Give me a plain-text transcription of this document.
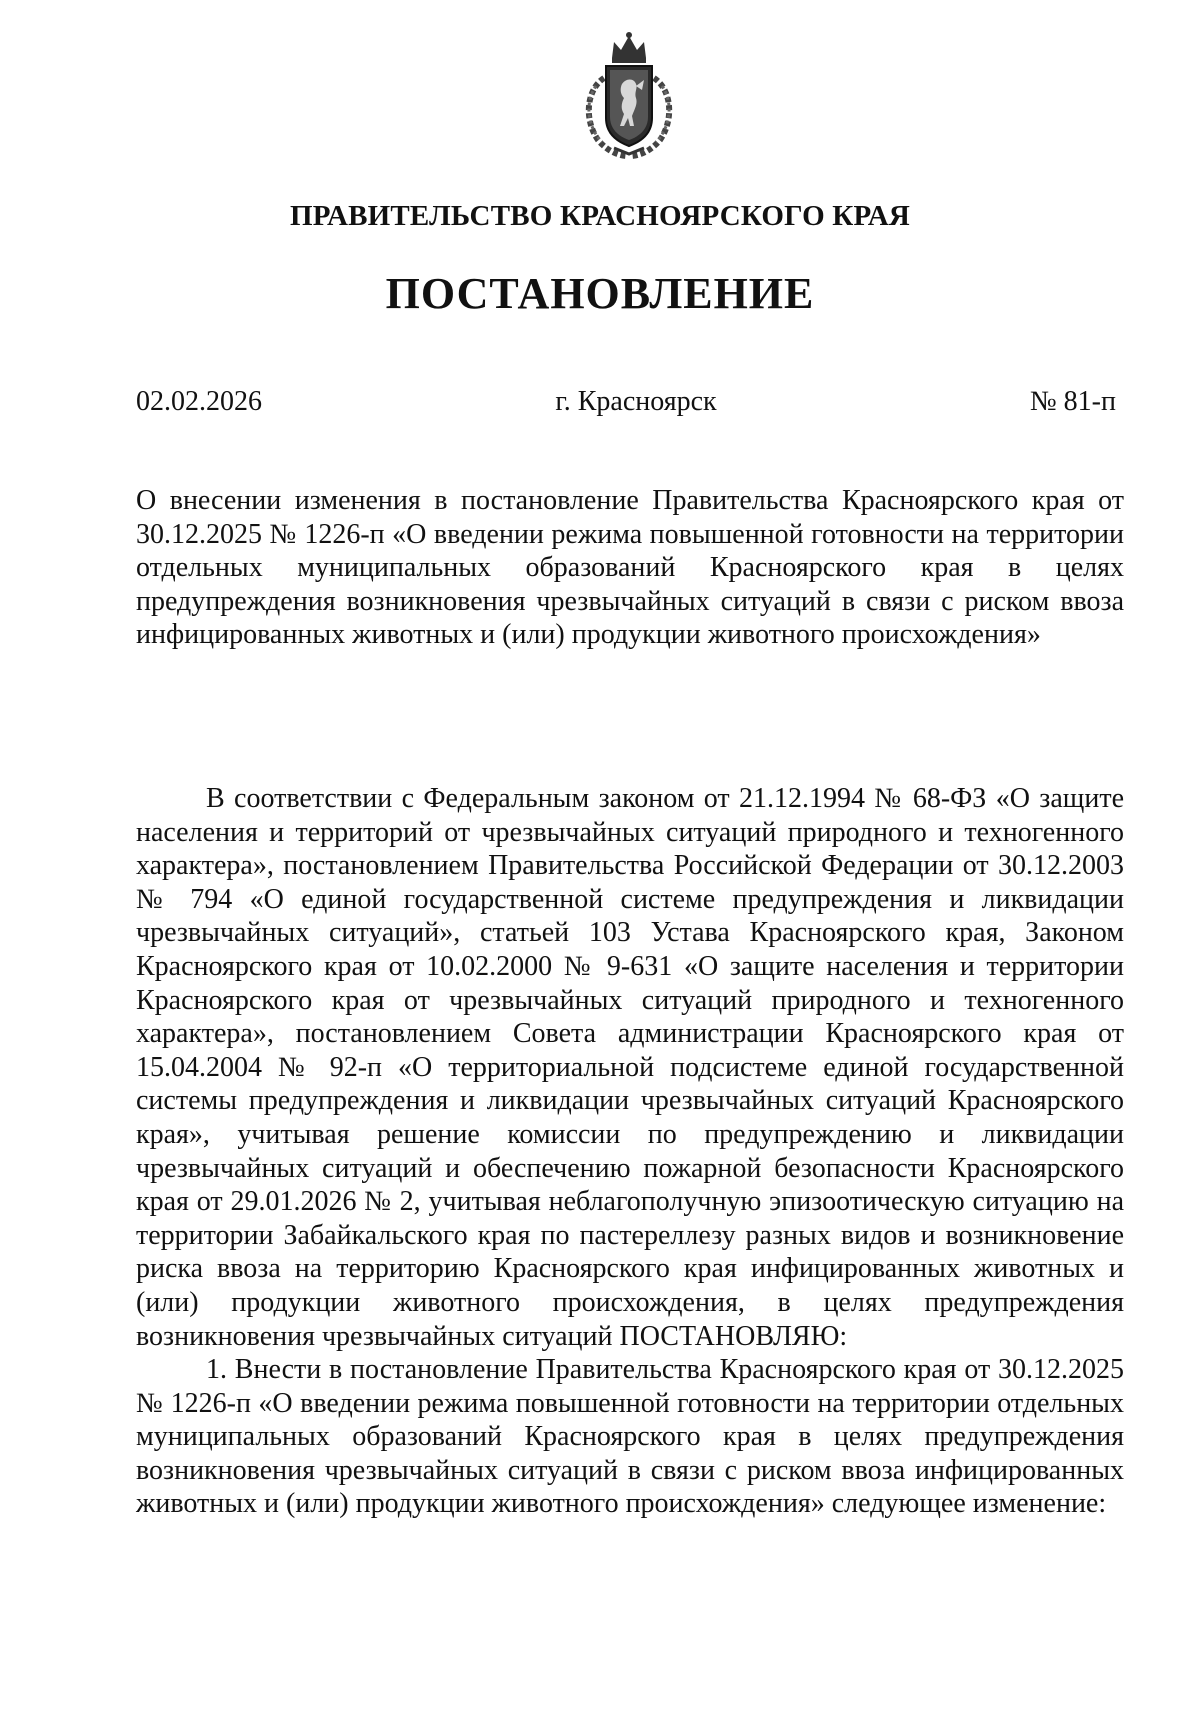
ПРАВИТЕЛЬСТВО КРАСНОЯРСКОГО КРАЯ
ПОСТАНОВЛЕНИЕ
02.02.2026	г. Красноярск	№ 81-п
О внесении изменения в постановление Правительства Красноярского края от 30.12.2025 № 1226-п «О введении режима повышенной готовности на территории отдельных муниципальных образований Красноярского края в целях предупреждения возникновения чрезвычайных ситуаций в связи с риском ввоза инфицированных животных и (или) продукции животного происхождения»

В соответствии с Федеральным законом от 21.12.1994 № 68-ФЗ «О защите населения и территорий от чрезвычайных ситуаций природного и техногенного характера», постановлением Правительства Российской Федерации от 30.12.2003 № 794 «О единой государственной системе предупреждения и ликвидации чрезвычайных ситуаций», статьей 103 Устава Красноярского края, Законом Красноярского края от 10.02.2000 № 9-631 «О защите населения и территории Красноярского края от чрезвычайных ситуаций природного и техногенного характера», постановлением Совета администрации Красноярского края от 15.04.2004 № 92-п «О территориальной подсистеме единой государственной системы предупреждения и ликвидации чрезвычайных ситуаций Красноярского края», учитывая решение комиссии по предупреждению и ликвидации чрезвычайных ситуаций и обеспечению пожарной безопасности Красноярского края от 29.01.2026 № 2, учитывая неблагополучную эпизоотическую ситуацию на территории Забайкальского края по пастереллезу разных видов и возникновение риска ввоза на территорию Красноярского края инфицированных животных и (или) продукции животного происхождения, в целях предупреждения возникновения чрезвычайных ситуаций ПОСТАНОВЛЯЮ:

1. Внести в постановление Правительства Красноярского края от 30.12.2025 № 1226-п «О введении режима повышенной готовности на территории отдельных муниципальных образований Красноярского края в целях предупреждения возникновения чрезвычайных ситуаций в связи с риском ввоза инфицированных животных и (или) продукции животного происхождения» следующее изменение:
